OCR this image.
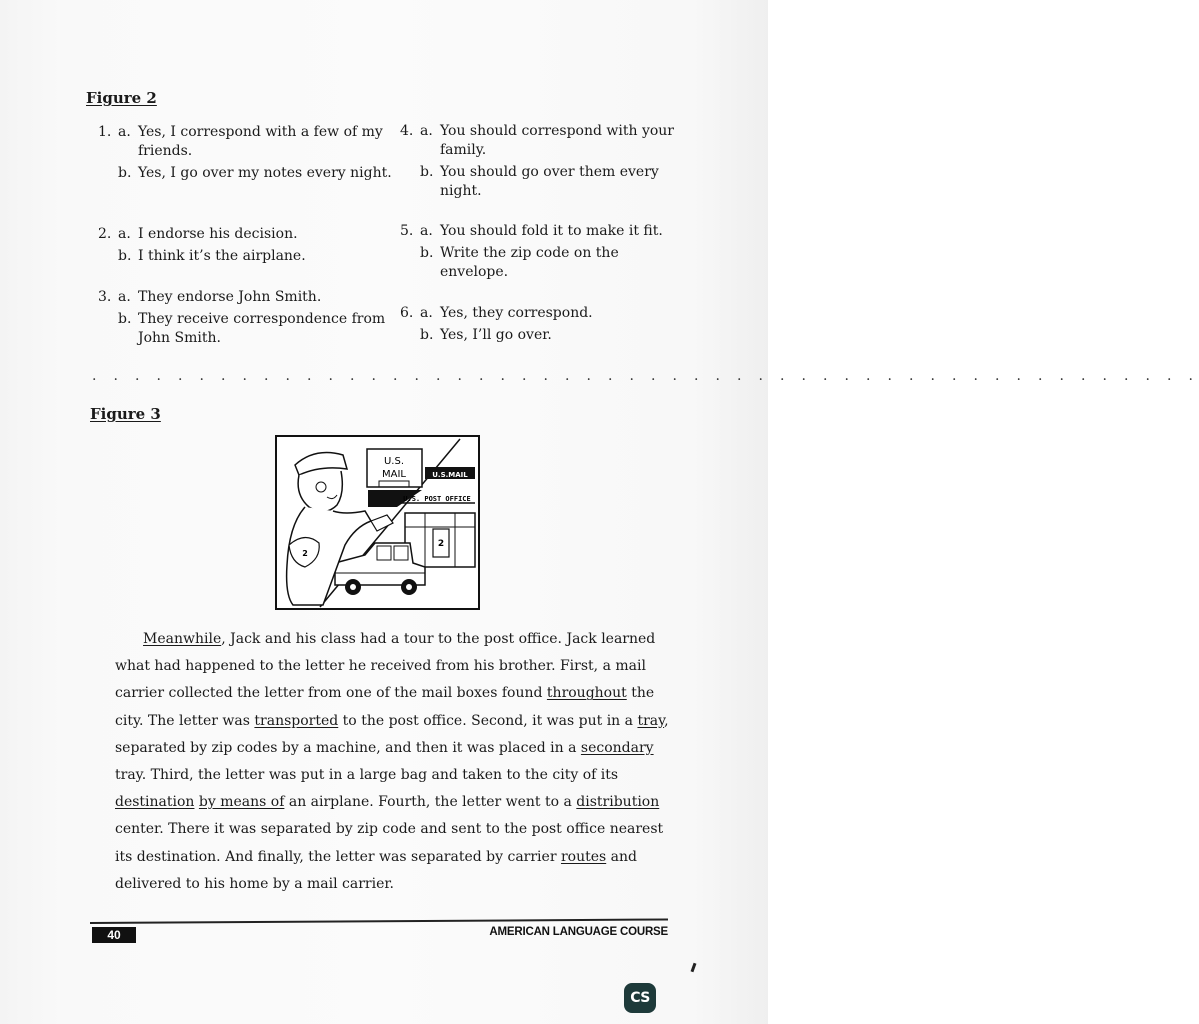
Figure 2
1. a. Yes, I correspond with a few of my friends.
b. Yes, I go over my notes every night.
2. a. I endorse his decision.
b. I think it’s the airplane.
3. a. They endorse John Smith.
b. They receive correspondence from John Smith.
4. a. You should correspond with your family.
b. You should go over them every night.
5. a. You should fold it to make it fit.
b. Write the zip code on the envelope.
6. a. Yes, they correspond.
b. Yes, I’ll go over.
. . . . . . . . . . . . . . . . . . . . . . . . . . . . . . . . . . . . . . . . . . . . . . . . . . . .
Figure 3
U.S.
MAIL	U.S.MAIL
U.S. POST OFFICE
2
2
Meanwhile, Jack and his class had a tour to the post office. Jack learned
what had happened to the letter he received from his brother. First, a mail
carrier collected the letter from one of the mail boxes found throughout the
city. The letter was transported to the post office. Second, it was put in a tray,
separated by zip codes by a machine, and then it was placed in a secondary
tray. Third, the letter was put in a large bag and taken to the city of its
destination by means of an airplane. Fourth, the letter went to a distribution
center. There it was separated by zip code and sent to the post office nearest
its destination. And finally, the letter was separated by carrier routes and
delivered to his home by a mail carrier.
40	AMERICAN LANGUAGE COURSE
CS
